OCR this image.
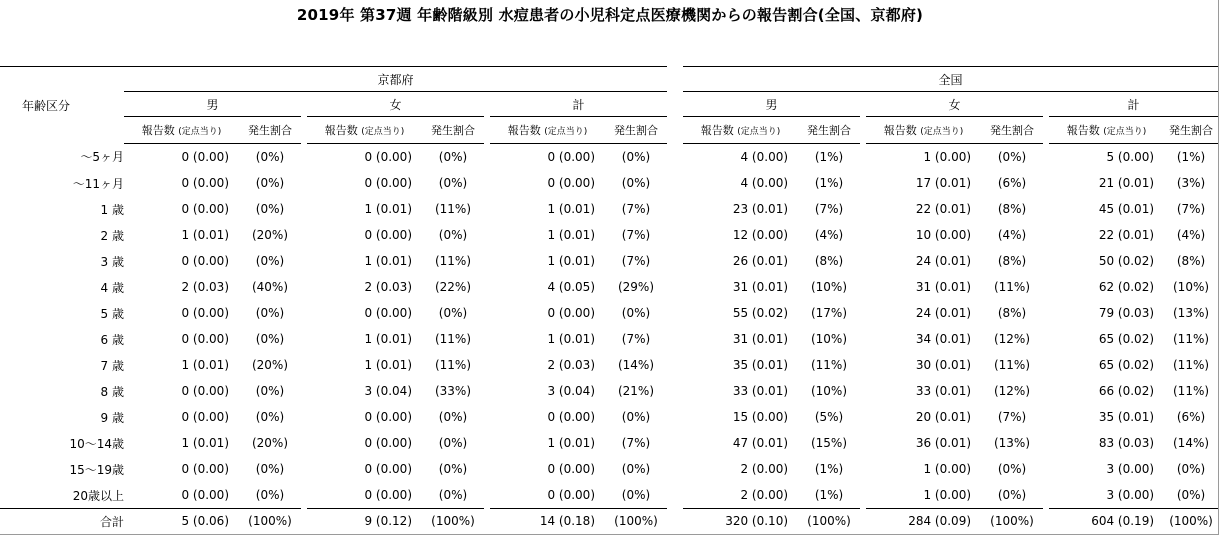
2019年 第37週 年齢階級別 水痘患者の小児科定点医療機関からの報告割合(全国、京都府)
年齢区分	京都府									全国							
	男			女			計			男			女			計	
	報告数 (定点当り)	発生割合		報告数 (定点当り)	発生割合		報告数 (定点当り)	発生割合		報告数 (定点当り)	発生割合		報告数 (定点当り)	発生割合		報告数 (定点当り)	発生割合
〜5ヶ月	0 (0.00)	(0%)		0 (0.00)	(0%)		0 (0.00)	(0%)		4 (0.00)	(1%)		1 (0.00)	(0%)		5 (0.00)	(1%)
〜11ヶ月	0 (0.00)	(0%)		0 (0.00)	(0%)		0 (0.00)	(0%)		4 (0.00)	(1%)		17 (0.01)	(6%)		21 (0.01)	(3%)
1 歳	0 (0.00)	(0%)		1 (0.01)	(11%)		1 (0.01)	(7%)		23 (0.01)	(7%)		22 (0.01)	(8%)		45 (0.01)	(7%)
2 歳	1 (0.01)	(20%)		0 (0.00)	(0%)		1 (0.01)	(7%)		12 (0.00)	(4%)		10 (0.00)	(4%)		22 (0.01)	(4%)
3 歳	0 (0.00)	(0%)		1 (0.01)	(11%)		1 (0.01)	(7%)		26 (0.01)	(8%)		24 (0.01)	(8%)		50 (0.02)	(8%)
4 歳	2 (0.03)	(40%)		2 (0.03)	(22%)		4 (0.05)	(29%)		31 (0.01)	(10%)		31 (0.01)	(11%)		62 (0.02)	(10%)
5 歳	0 (0.00)	(0%)		0 (0.00)	(0%)		0 (0.00)	(0%)		55 (0.02)	(17%)		24 (0.01)	(8%)		79 (0.03)	(13%)
6 歳	0 (0.00)	(0%)		1 (0.01)	(11%)		1 (0.01)	(7%)		31 (0.01)	(10%)		34 (0.01)	(12%)		65 (0.02)	(11%)
7 歳	1 (0.01)	(20%)		1 (0.01)	(11%)		2 (0.03)	(14%)		35 (0.01)	(11%)		30 (0.01)	(11%)		65 (0.02)	(11%)
8 歳	0 (0.00)	(0%)		3 (0.04)	(33%)		3 (0.04)	(21%)		33 (0.01)	(10%)		33 (0.01)	(12%)		66 (0.02)	(11%)
9 歳	0 (0.00)	(0%)		0 (0.00)	(0%)		0 (0.00)	(0%)		15 (0.00)	(5%)		20 (0.01)	(7%)		35 (0.01)	(6%)
10〜14歳	1 (0.01)	(20%)		0 (0.00)	(0%)		1 (0.01)	(7%)		47 (0.01)	(15%)		36 (0.01)	(13%)		83 (0.03)	(14%)
15〜19歳	0 (0.00)	(0%)		0 (0.00)	(0%)		0 (0.00)	(0%)		2 (0.00)	(1%)		1 (0.00)	(0%)		3 (0.00)	(0%)
20歳以上	0 (0.00)	(0%)		0 (0.00)	(0%)		0 (0.00)	(0%)		2 (0.00)	(1%)		1 (0.00)	(0%)		3 (0.00)	(0%)
合計	5 (0.06)	(100%)		9 (0.12)	(100%)		14 (0.18)	(100%)		320 (0.10)	(100%)		284 (0.09)	(100%)		604 (0.19)	(100%)
